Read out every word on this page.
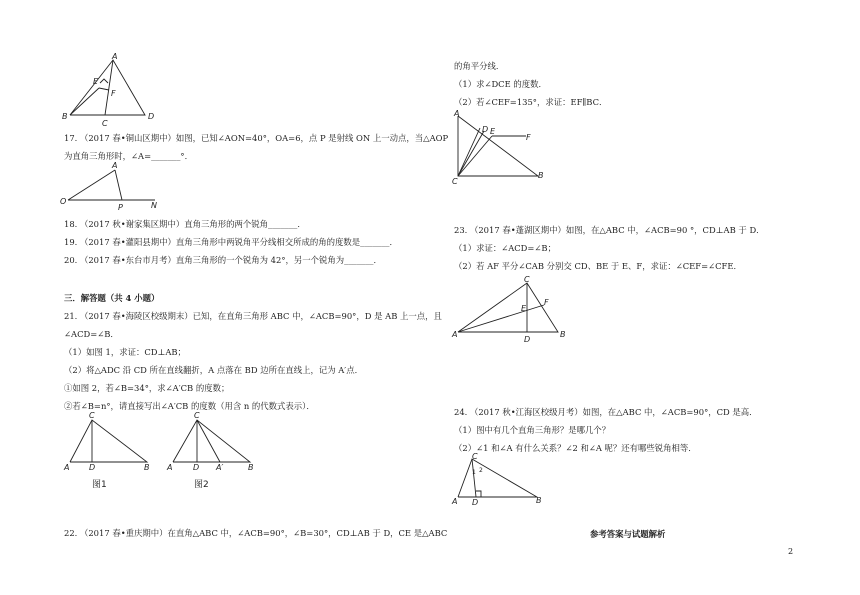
A
E
F
B
C
D
17. （2017 春•铜山区期中）如图，已知∠AON=40°，OA=6，点 P 是射线 ON 上一动点，当△AOP
为直角三角形时，∠A=_______°．
A
O
P	N
18. （2017 秋•谢家集区期中）直角三角形的两个锐角_______．
19. （2017 春•灌阳县期中）直角三角形中两锐角平分线相交所成的角的度数是_______．
20. （2017 春•东台市月考）直角三角形的一个锐角为 42°，另一个锐角为_______．
三．解答题（共 4 小题）
21. （2017 春•海陵区校级期末）已知，在直角三角形 ABC 中，∠ACB=90°，D 是 AB 上一点，且
∠ACD=∠B．
（1）如图 1，求证：CD⊥AB；
（2）将△ADC 沿 CD 所在直线翻折，A 点落在 BD 边所在直线上，记为 A′点．
①如图 2，若∠B=34°，求∠A′CB 的度数；
②若∠B=n°，请直接写出∠A′CB 的度数（用含 n 的代数式表示）．
C
A D	B
图1
C
A	D A′	B
图2
22. （2017 春•重庆期中）在直角△ABC 中，∠ACB=90°，∠B=30°，CD⊥AB 于 D，CE 是△ABC
的角平分线．
（1）求∠DCE 的度数．
（2）若∠CEF=135°，求证：EF∥BC．
A
D E
F
C
B
23. （2017 春•蓬湖区期中）如图，在△ABC 中，∠ACB=90 °，CD⊥AB 于 D．
（1）求证：∠ACD=∠B；
（2）若 AF 平分∠CAB 分别交 CD、BE 于 E、F，求证：∠CEF=∠CFE．
C
F
E
A
D
B
24. （2017 秋•江海区校级月考）如图，在△ABC 中，∠ACB=90°，CD 是高．
（1）图中有几个直角三角形？是哪几个？
（2）∠1 和∠A 有什么关系？∠2 和∠A 呢？还有哪些锐角相等．
C
1 2
A D	B
参考答案与试题解析
2
